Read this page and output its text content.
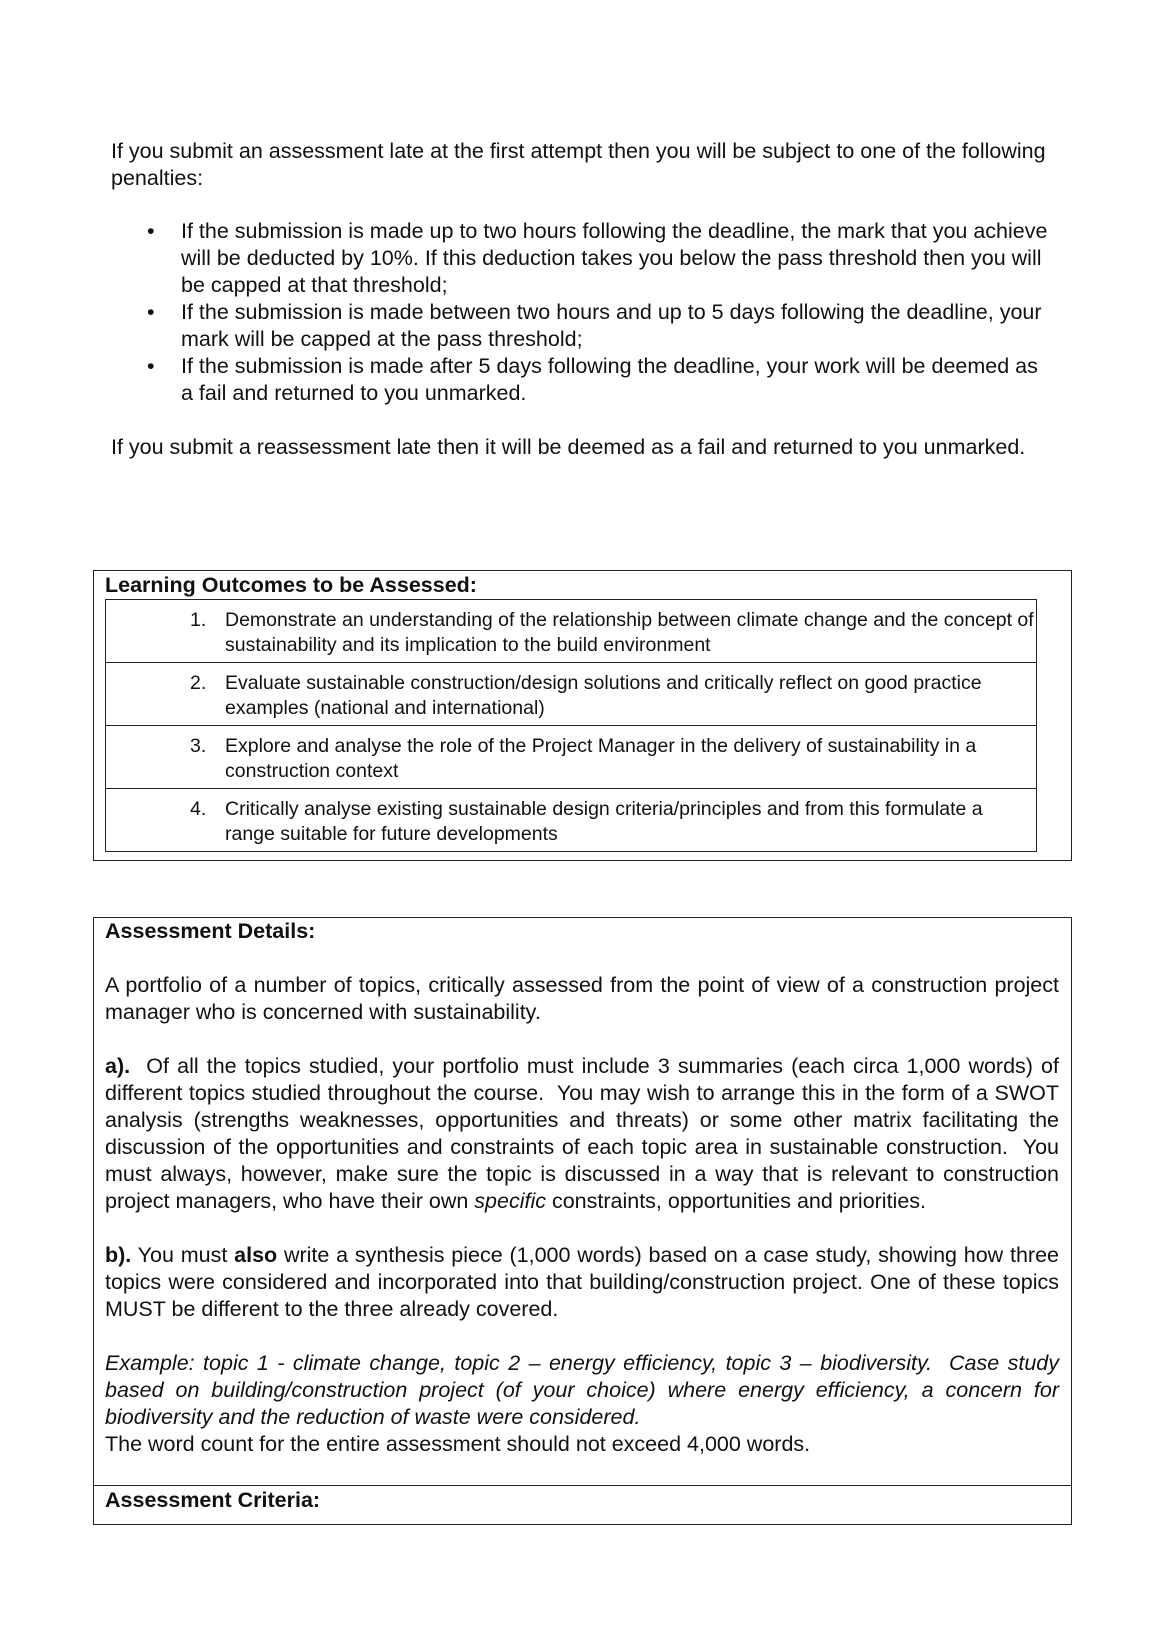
If you submit an assessment late at the first attempt then you will be subject to one of the following penalties:
• If the submission is made up to two hours following the deadline, the mark that you achieve will be deducted by 10%. If this deduction takes you below the pass threshold then you will be capped at that threshold;
• If the submission is made between two hours and up to 5 days following the deadline, your mark will be capped at the pass threshold;
• If the submission is made after 5 days following the deadline, your work will be deemed as a fail and returned to you unmarked.
If you submit a reassessment late then it will be deemed as a fail and returned to you unmarked.
Learning Outcomes to be Assessed:
1. Demonstrate an understanding of the relationship between climate change and the concept of sustainability and its implication to the build environment

2. Evaluate sustainable construction/design solutions and critically reflect on good practice examples (national and international)

3. Explore and analyse the role of the Project Manager in the delivery of sustainability in a construction context

4. Critically analyse existing sustainable design criteria/principles and from this formulate a range suitable for future developments
Assessment Details:
A portfolio of a number of topics, critically assessed from the point of view of a construction project manager who is concerned with sustainability.
a).  Of all the topics studied, your portfolio must include 3 summaries (each circa 1,000 words) of different topics studied throughout the course.  You may wish to arrange this in the form of a SWOT analysis (strengths weaknesses, opportunities and threats) or some other matrix facilitating the discussion of the opportunities and constraints of each topic area in sustainable construction.  You must always, however, make sure the topic is discussed in a way that is relevant to construction project managers, who have their own specific constraints, opportunities and priorities.
b). You must also write a synthesis piece (1,000 words) based on a case study, showing how three topics were considered and incorporated into that building/construction project. One of these topics MUST be different to the three already covered.
Example: topic 1 - climate change, topic 2 – energy efficiency, topic 3 – biodiversity.  Case study based on building/construction project (of your choice) where energy efficiency, a concern for biodiversity and the reduction of waste were considered.
The word count for the entire assessment should not exceed 4,000 words.
Assessment Criteria:
